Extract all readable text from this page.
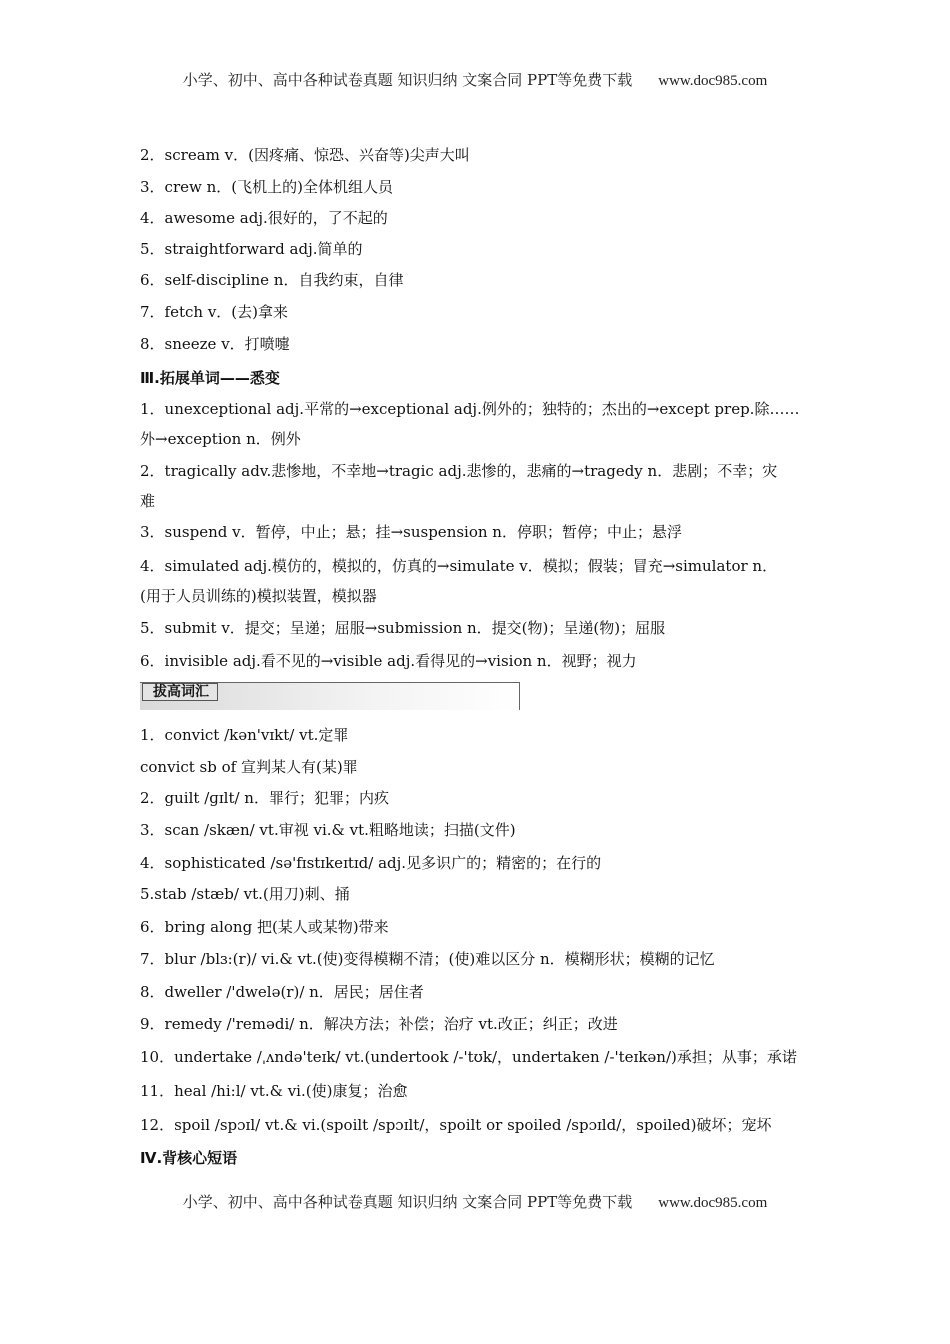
小学、初中、高中各种试卷真题 知识归纳 文案合同 PPT等免费下载 www.doc985.com
2．scream v．(因疼痛、惊恐、兴奋等)尖声大叫
3．crew n．(飞机上的)全体机组人员
4．awesome adj.很好的，了不起的
5．straightforward adj.简单的
6．self-discipline n．自我约束，自律
7．fetch v．(去)拿来
8．sneeze v．打喷嚏
Ⅲ.拓展单词——悉变
1．unexceptional adj.平常的→exceptional adj.例外的；独特的；杰出的→except prep.除……
外→exception n．例外
2．tragically adv.悲惨地，不幸地→tragic adj.悲惨的，悲痛的→tragedy n．悲剧；不幸；灾
难
3．suspend v．暂停，中止；悬；挂→suspension n．停职；暂停；中止；悬浮
4．simulated adj.模仿的，模拟的，仿真的→simulate v．模拟；假装；冒充→simulator n．
(用于人员训练的)模拟装置，模拟器
5．submit v．提交；呈递；屈服→submission n．提交(物)；呈递(物)；屈服
6．invisible adj.看不见的→visible adj.看得见的→vision n．视野；视力
拔高词汇
1．convict /kən'vɪkt/ vt.定罪
convict sb of 宣判某人有(某)罪
2．guilt /ɡɪlt/ n．罪行；犯罪；内疚
3．scan /skæn/ vt.审视 vi.& vt.粗略地读；扫描(文件)
4．sophisticated /sə'fɪstɪkeɪtɪd/ adj.见多识广的；精密的；在行的
5.stab /stæb/ vt.(用刀)刺、捅
6．bring along 把(某人或某物)带来
7．blur /blɜ:(r)/ vi.& vt.(使)变得模糊不清；(使)难以区分 n．模糊形状；模糊的记忆
8．dweller /'dwelə(r)/ n．居民；居住者
9．remedy /'remədi/ n．解决方法；补偿；治疗 vt.改正；纠正；改进
10．undertake /ˌʌndə'teɪk/ vt.(undertook /-'tʊk/，undertaken /-'teɪkən/)承担；从事；承诺
11．heal /hi:l/ vt.& vi.(使)康复；治愈
12．spoil /spɔɪl/ vt.& vi.(spoilt /spɔɪlt/，spoilt or spoiled /spɔɪld/，spoiled)破坏；宠坏
Ⅳ.背核心短语
小学、初中、高中各种试卷真题 知识归纳 文案合同 PPT等免费下载 www.doc985.com
